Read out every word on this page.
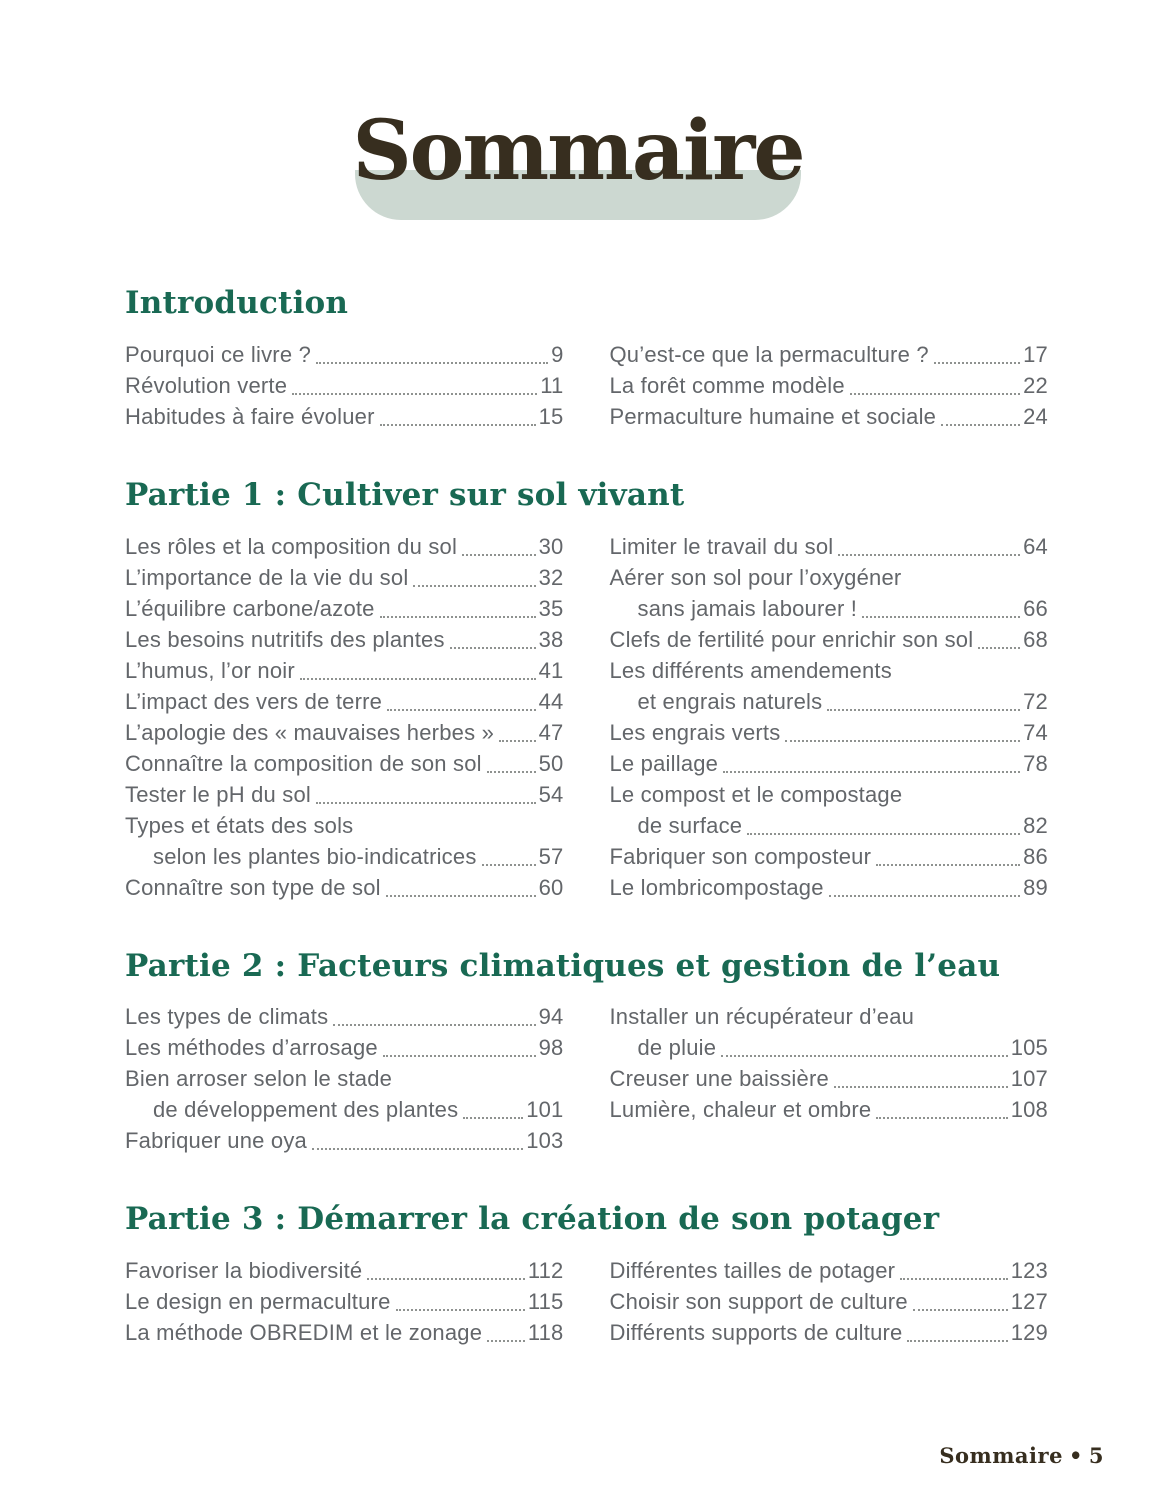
Sommaire
Introduction
Pourquoi ce livre ?	9
Révolution verte	11
Habitudes à faire évoluer	15
Qu’est-ce que la permaculture ?	17
La forêt comme modèle	22
Permaculture humaine et sociale	24
Partie 1 : Cultiver sur sol vivant
Les rôles et la composition du sol	30
L’importance de la vie du sol	32
L’équilibre carbone/azote	35
Les besoins nutritifs des plantes	38
L’humus, l’or noir	41
L’impact des vers de terre	44
L’apologie des « mauvaises herbes » 47
Connaître la composition de son sol	50
Tester le pH du sol	54
Types et états des sols
selon les plantes bio-indicatrices	57
Connaître son type de sol	60
Limiter le travail du sol	64
Aérer son sol pour l’oxygéner
sans jamais labourer !	66
Clefs de fertilité pour enrichir son sol 68
Les différents amendements
et engrais naturels	72
Les engrais verts	74
Le paillage	78
Le compost et le compostage
de surface	82
Fabriquer son composteur	86
Le lombricompostage	89
Partie 2 : Facteurs climatiques et gestion de l’eau
Les types de climats	94
Les méthodes d’arrosage	98
Bien arroser selon le stade
de développement des plantes	101
Fabriquer une oya	103
Installer un récupérateur d’eau
de pluie	105
Creuser une baissière	107
Lumière, chaleur et ombre	108
Partie 3 : Démarrer la création de son potager
Favoriser la biodiversité	112
Le design en permaculture	115
La méthode OBREDIM et le zonage 118
Différentes tailles de potager	123
Choisir son support de culture	127
Différents supports de culture	129
Sommaire • 5
